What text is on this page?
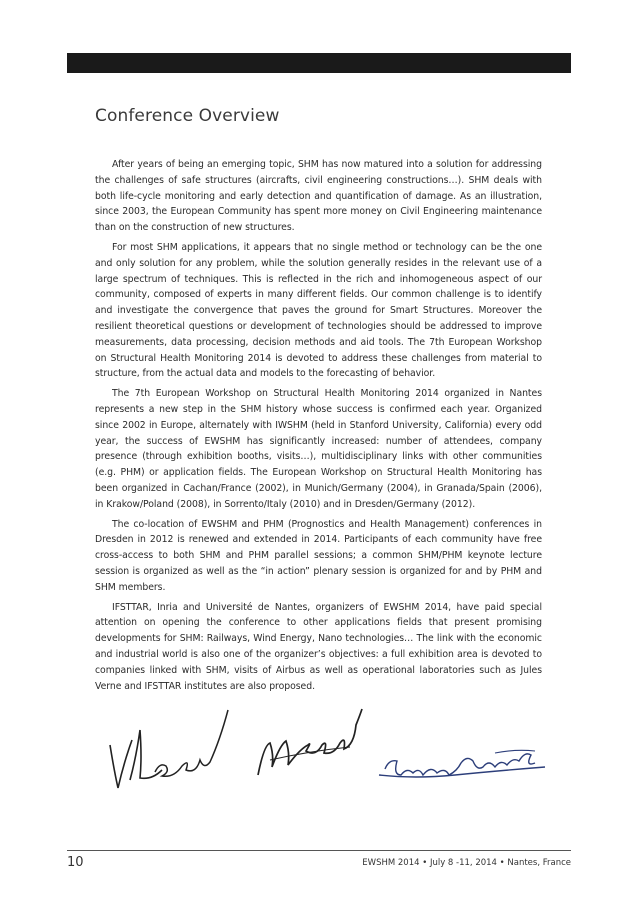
Conference Overview

After years of being an emerging topic, SHM has now matured into a solution for addressing the challenges of safe structures (aircrafts, civil engineering constructions…). SHM deals with both life-cycle monitoring and early detection and quantification of damage. As an illustration, since 2003, the European Community has spent more money on Civil Engineering maintenance than on the construction of new structures.

For most SHM applications, it appears that no single method or technology can be the one and only solution for any problem, while the solution generally resides in the relevant use of a large spectrum of techniques. This is reflected in the rich and inhomogeneous aspect of our community, composed of experts in many different fields. Our common challenge is to identify and investigate the convergence that paves the ground for Smart Structures. Moreover the resilient theoretical questions or development of technologies should be addressed to improve measurements, data processing, decision methods and aid tools. The 7th European Workshop on Structural Health Monitoring 2014 is devoted to address these challenges from material to structure, from the actual data and models to the forecasting of behavior.

The 7th European Workshop on Structural Health Monitoring 2014 organized in Nantes represents a new step in the SHM history whose success is confirmed each year. Organized since 2002 in Europe, alternately with IWSHM (held in Stanford University, California) every odd year, the success of EWSHM has significantly increased: number of attendees, company presence (through exhibition booths, visits…), multidisciplinary links with other communities (e.g. PHM) or application fields. The European Workshop on Structural Health Monitoring has been organized in Cachan/France (2002), in Munich/Germany (2004), in Granada/Spain (2006), in Krakow/Poland (2008), in Sorrento/Italy (2010) and in Dresden/Germany (2012).

The co-location of EWSHM and PHM (Prognostics and Health Management) conferences in Dresden in 2012 is renewed and extended in 2014. Participants of each community have free cross-access to both SHM and PHM parallel sessions; a common SHM/PHM keynote lecture session is organized as well as the “in action” plenary session is organized for and by PHM and SHM members.

IFSTTAR, Inria and Université de Nantes, organizers of EWSHM 2014, have paid special attention on opening the conference to other applications fields that present promising developments for SHM: Railways, Wind Energy, Nano technologies… The link with the economic and industrial world is also one of the organizer’s objectives: a full exhibition area is devoted to companies linked with SHM, visits of Airbus as well as operational laboratories such as Jules Verne and IFSTTAR institutes are also proposed.

10	EWSHM 2014 • July 8 -11, 2014 • Nantes, France
